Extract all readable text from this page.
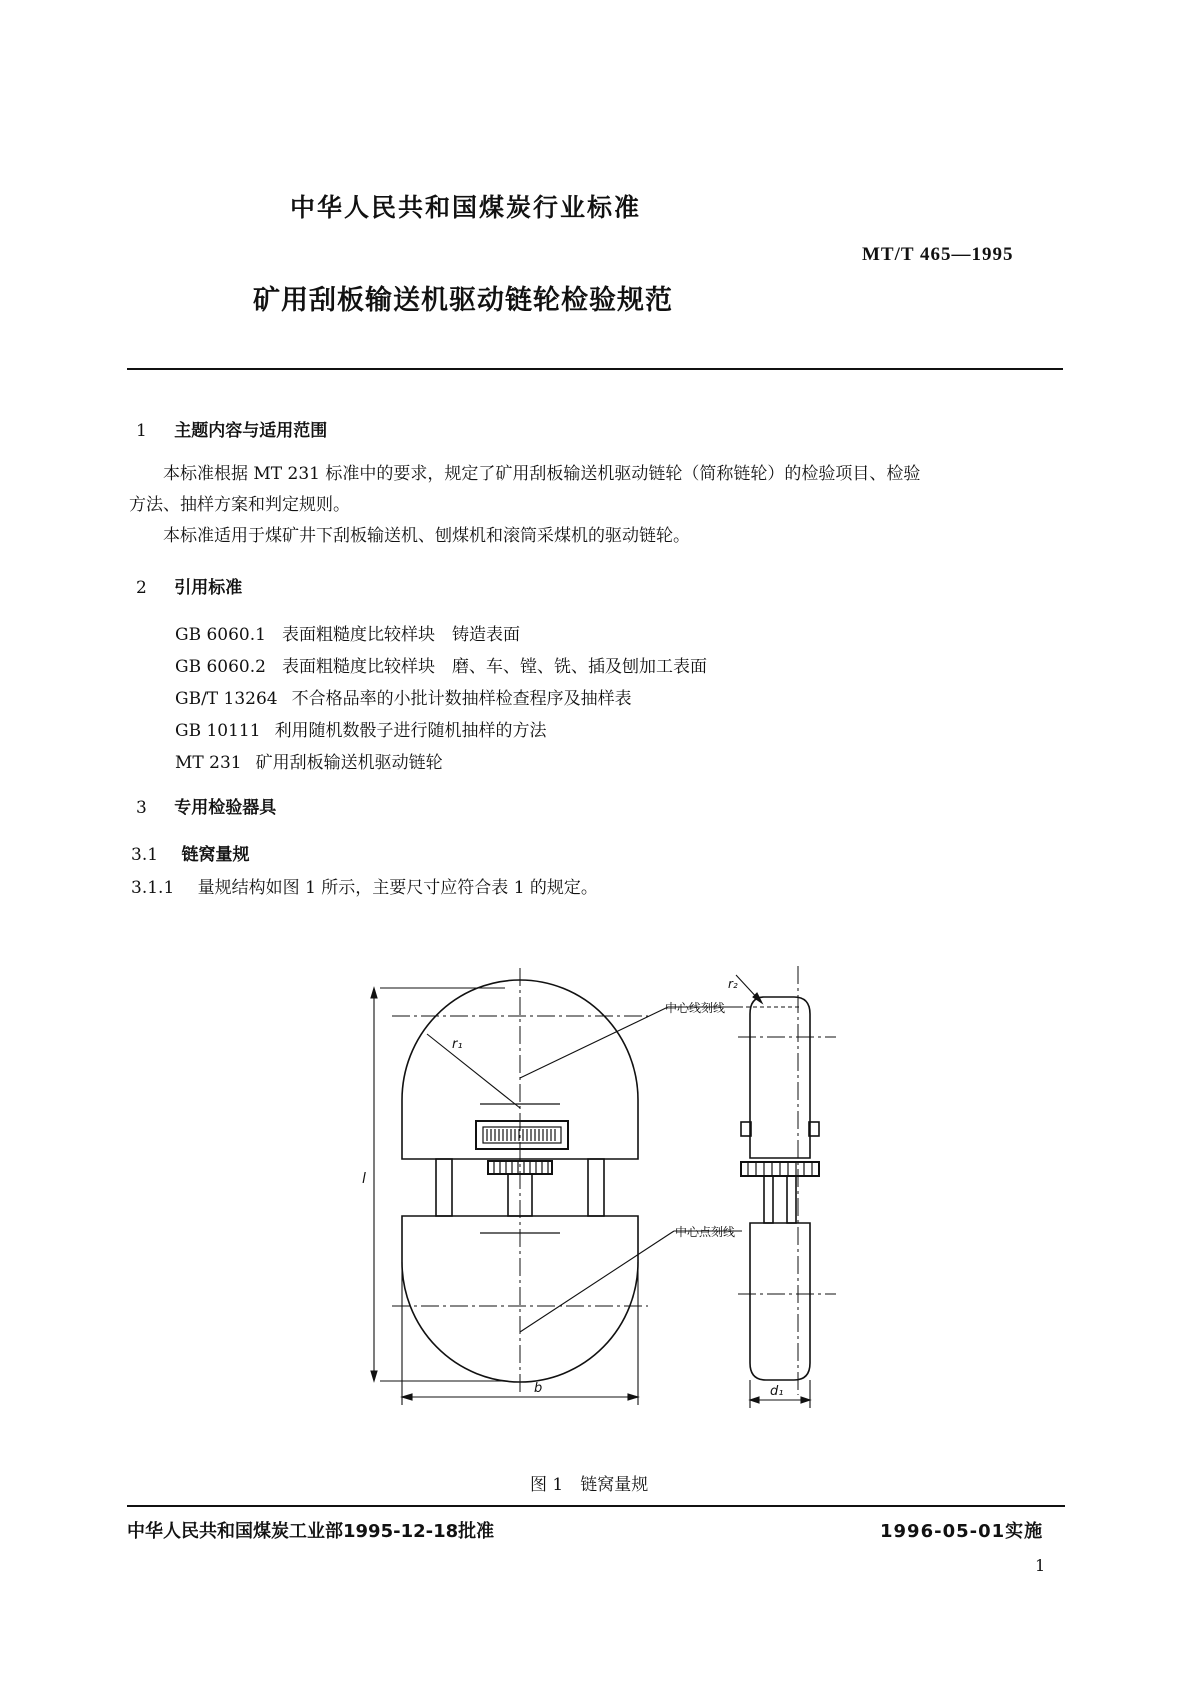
中华人民共和国煤炭行业标准
MT/T 465—1995
矿用刮板输送机驱动链轮检验规范
1 主题内容与适用范围
本标准根据 MT 231 标准中的要求，规定了矿用刮板输送机驱动链轮（简称链轮）的检验项目、检验
方法、抽样方案和判定规则。
本标准适用于煤矿井下刮板输送机、刨煤机和滚筒采煤机的驱动链轮。
2 引用标准
GB 6060.1 表面粗糙度比较样块　铸造表面
GB 6060.2 表面粗糙度比较样块　磨、车、镗、铣、插及刨加工表面
GB/T 13264 不合格品率的小批计数抽样检查程序及抽样表
GB 10111 利用随机数骰子进行随机抽样的方法
MT 231 矿用刮板输送机驱动链轮
3 专用检验器具
3.1 链窝量规
3.1.1 量规结构如图 1 所示，主要尺寸应符合表 1 的规定。
中心线刻线
中心点刻线
r₁
r₂
l
b	d₁
图 1　链窝量规
中华人民共和国煤炭工业部1995-12-18批准	1996-05-01实施
1
